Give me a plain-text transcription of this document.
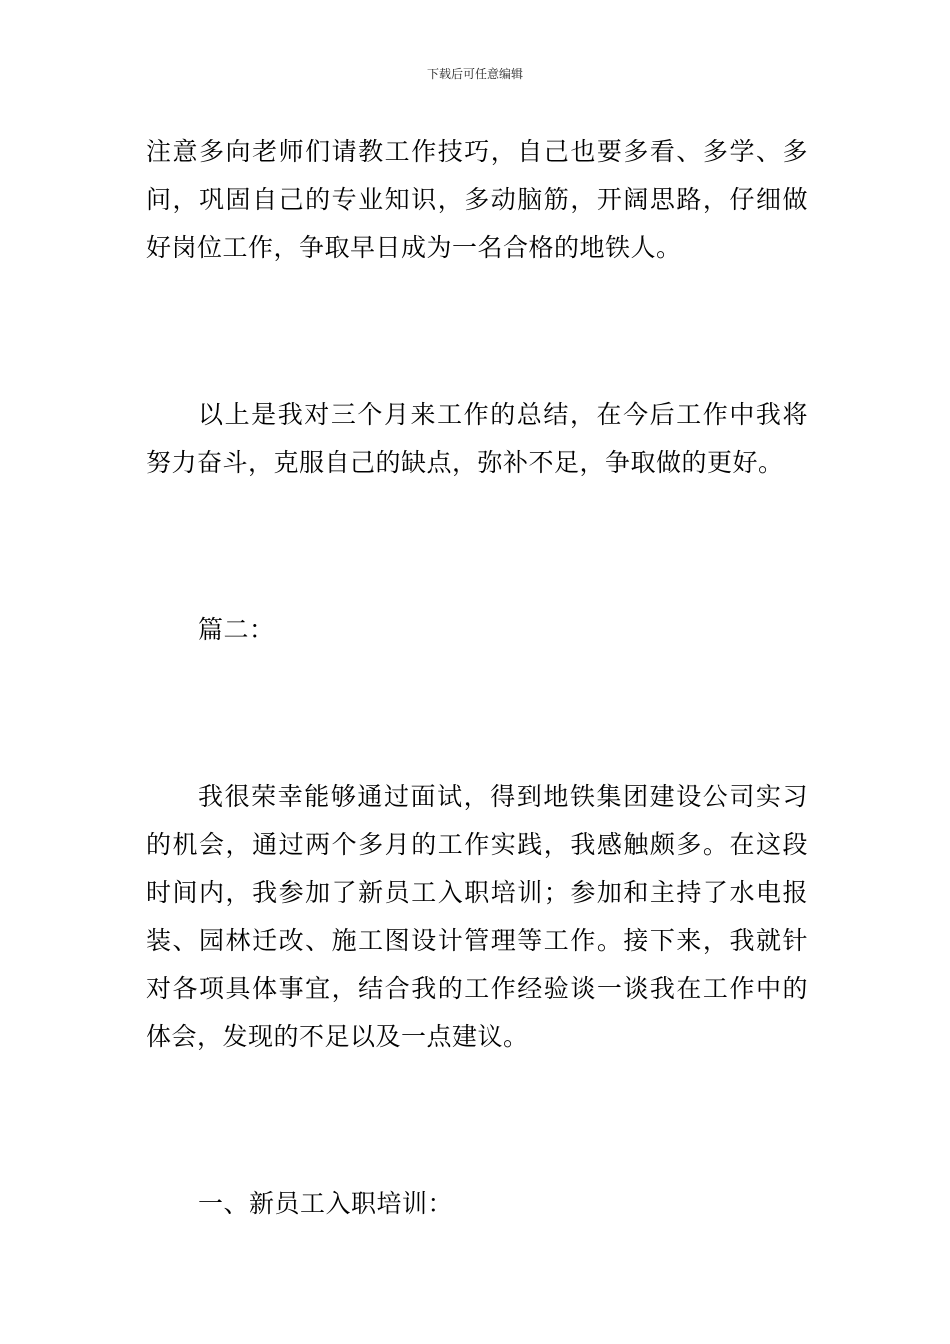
下载后可任意编辑

注意多向老师们请教工作技巧，自己也要多看、多学、多问，巩固自己的专业知识，多动脑筋，开阔思路，仔细做好岗位工作，争取早日成为一名合格的地铁人。

以上是我对三个月来工作的总结，在今后工作中我将努力奋斗，克服自己的缺点，弥补不足，争取做的更好。

篇二：

我很荣幸能够通过面试，得到地铁集团建设公司实习的机会，通过两个多月的工作实践，我感触颇多。在这段时间内，我参加了新员工入职培训；参加和主持了水电报装、园林迁改、施工图设计管理等工作。接下来，我就针对各项具体事宜，结合我的工作经验谈一谈我在工作中的体会，发现的不足以及一点建议。

一、新员工入职培训：
